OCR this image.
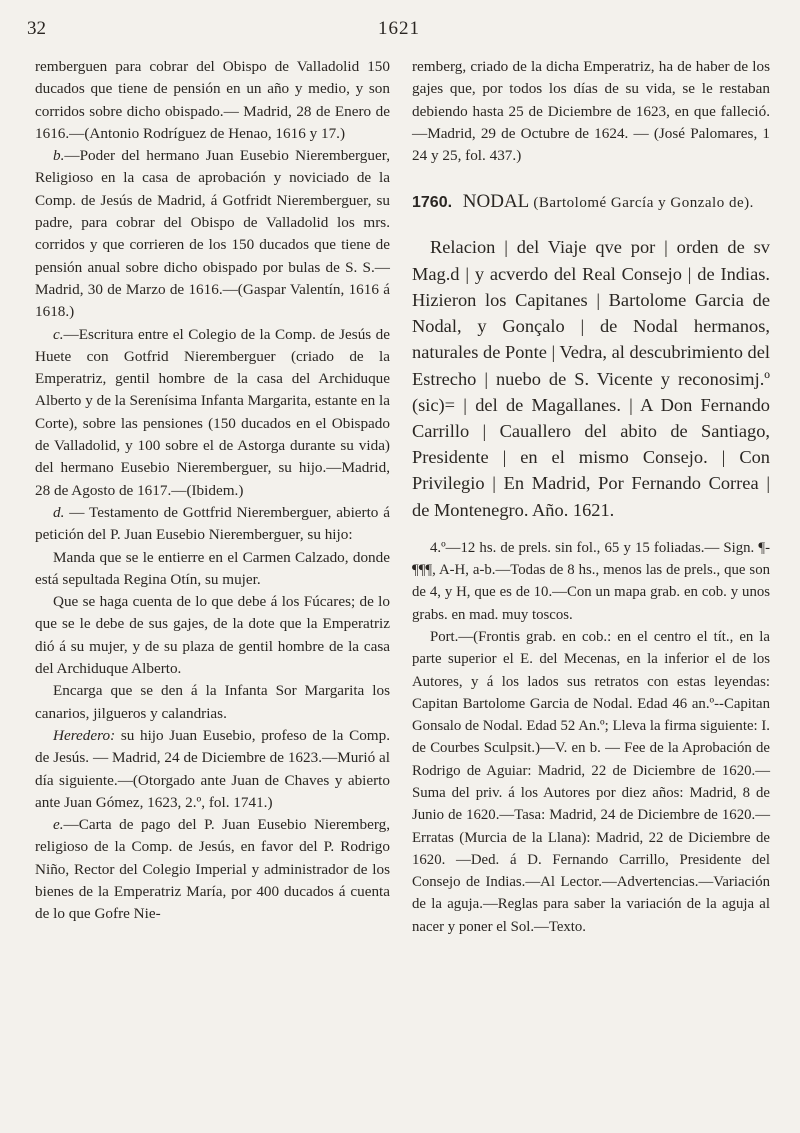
32	1621

remberguen para cobrar del Obispo de Valladolid 150 ducados que tiene de pensión en un año y medio, y son corridos sobre dicho obispado.— Madrid, 28 de Enero de 1616.—(Antonio Rodríguez de Henao, 1616 y 17.)

b.—Poder del hermano Juan Eusebio Nieremberguer, Religioso en la casa de aprobación y noviciado de la Comp. de Jesús de Madrid, á Gotfridt Nieremberguer, su padre, para cobrar del Obispo de Valladolid los mrs. corridos y que corrieren de los 150 ducados que tiene de pensión anual sobre dicho obispado por bulas de S. S.— Madrid, 30 de Marzo de 1616.—(Gaspar Valentín, 1616 á 1618.)

c.—Escritura entre el Colegio de la Comp. de Jesús de Huete con Gotfrid Nieremberguer (criado de la Emperatriz, gentil hombre de la casa del Archiduque Alberto y de la Serenísima Infanta Margarita, estante en la Corte), sobre las pensiones (150 ducados en el Obispado de Valladolid, y 100 sobre el de Astorga durante su vida) del hermano Eusebio Nieremberguer, su hijo.—Madrid, 28 de Agosto de 1617.—(Ibidem.)

d. — Testamento de Gottfrid Nieremberguer, abierto á petición del P. Juan Eusebio Nieremberguer, su hijo:

Manda que se le entierre en el Carmen Calzado, donde está sepultada Regina Otín, su mujer.

Que se haga cuenta de lo que debe á los Fúcares; de lo que se le debe de sus gajes, de la dote que la Emperatriz dió á su mujer, y de su plaza de gentil hombre de la casa del Archiduque Alberto.

Encarga que se den á la Infanta Sor Margarita los canarios, jilgueros y calandrias.

Heredero: su hijo Juan Eusebio, profeso de la Comp. de Jesús. — Madrid, 24 de Diciembre de 1623.—Murió al día siguiente.—(Otorgado ante Juan de Chaves y abierto ante Juan Gómez, 1623, 2.º, fol. 1741.)

e.—Carta de pago del P. Juan Eusebio Nieremberg, religioso de la Comp. de Jesús, en favor del P. Rodrigo Niño, Rector del Colegio Imperial y administrador de los bienes de la Emperatriz María, por 400 ducados á cuenta de lo que Gofre Nie-

remberg, criado de la dicha Emperatriz, ha de haber de los gajes que, por todos los días de su vida, se le restaban debiendo hasta 25 de Diciembre de 1623, en que falleció.—Madrid, 29 de Octubre de 1624. — (José Palomares, 1 24 y 25, fol. 437.)

1760. NODAL (Bartolomé García y Gonzalo de).

Relacion | del Viaje qve por | orden de sv Mag.d | y acverdo del Real Consejo | de Indias. Hizieron los Capitanes | Bartolome Garcia de Nodal, y Gonçalo | de Nodal hermanos, naturales de Ponte | Vedra, al descubrimiento del Estrecho | nuebo de S. Vicente y reconosimj.º (sic)= | del de Magallanes. | A Don Fernando Carrillo | Cauallero del abito de Santiago, Presidente | en el mismo Consejo. | Con Privilegio | En Madrid, Por Fernando Correa | de Montenegro. Año. 1621.

4.º—12 hs. de prels. sin fol., 65 y 15 foliadas.— Sign. ¶-¶¶¶, A-H, a-b.—Todas de 8 hs., menos las de prels., que son de 4, y H, que es de 10.—Con un mapa grab. en cob. y unos grabs. en mad. muy toscos.

Port.—(Frontis grab. en cob.: en el centro el tít., en la parte superior el E. del Mecenas, en la inferior el de los Autores, y á los lados sus retratos con estas leyendas: Capitan Bartolome Garcia de Nodal. Edad 46 an.º--Capitan Gonsalo de Nodal. Edad 52 An.º; Lleva la firma siguiente: I. de Courbes Sculpsit.)—V. en b. — Fee de la Aprobación de Rodrigo de Aguiar: Madrid, 22 de Diciembre de 1620.—Suma del priv. á los Autores por diez años: Madrid, 8 de Junio de 1620.—Tasa: Madrid, 24 de Diciembre de 1620.—Erratas (Murcia de la Llana): Madrid, 22 de Diciembre de 1620. —Ded. á D. Fernando Carrillo, Presidente del Consejo de Indias.—Al Lector.—Advertencias.—Variación de la aguja.—Reglas para saber la variación de la aguja al nacer y poner el Sol.—Texto.
